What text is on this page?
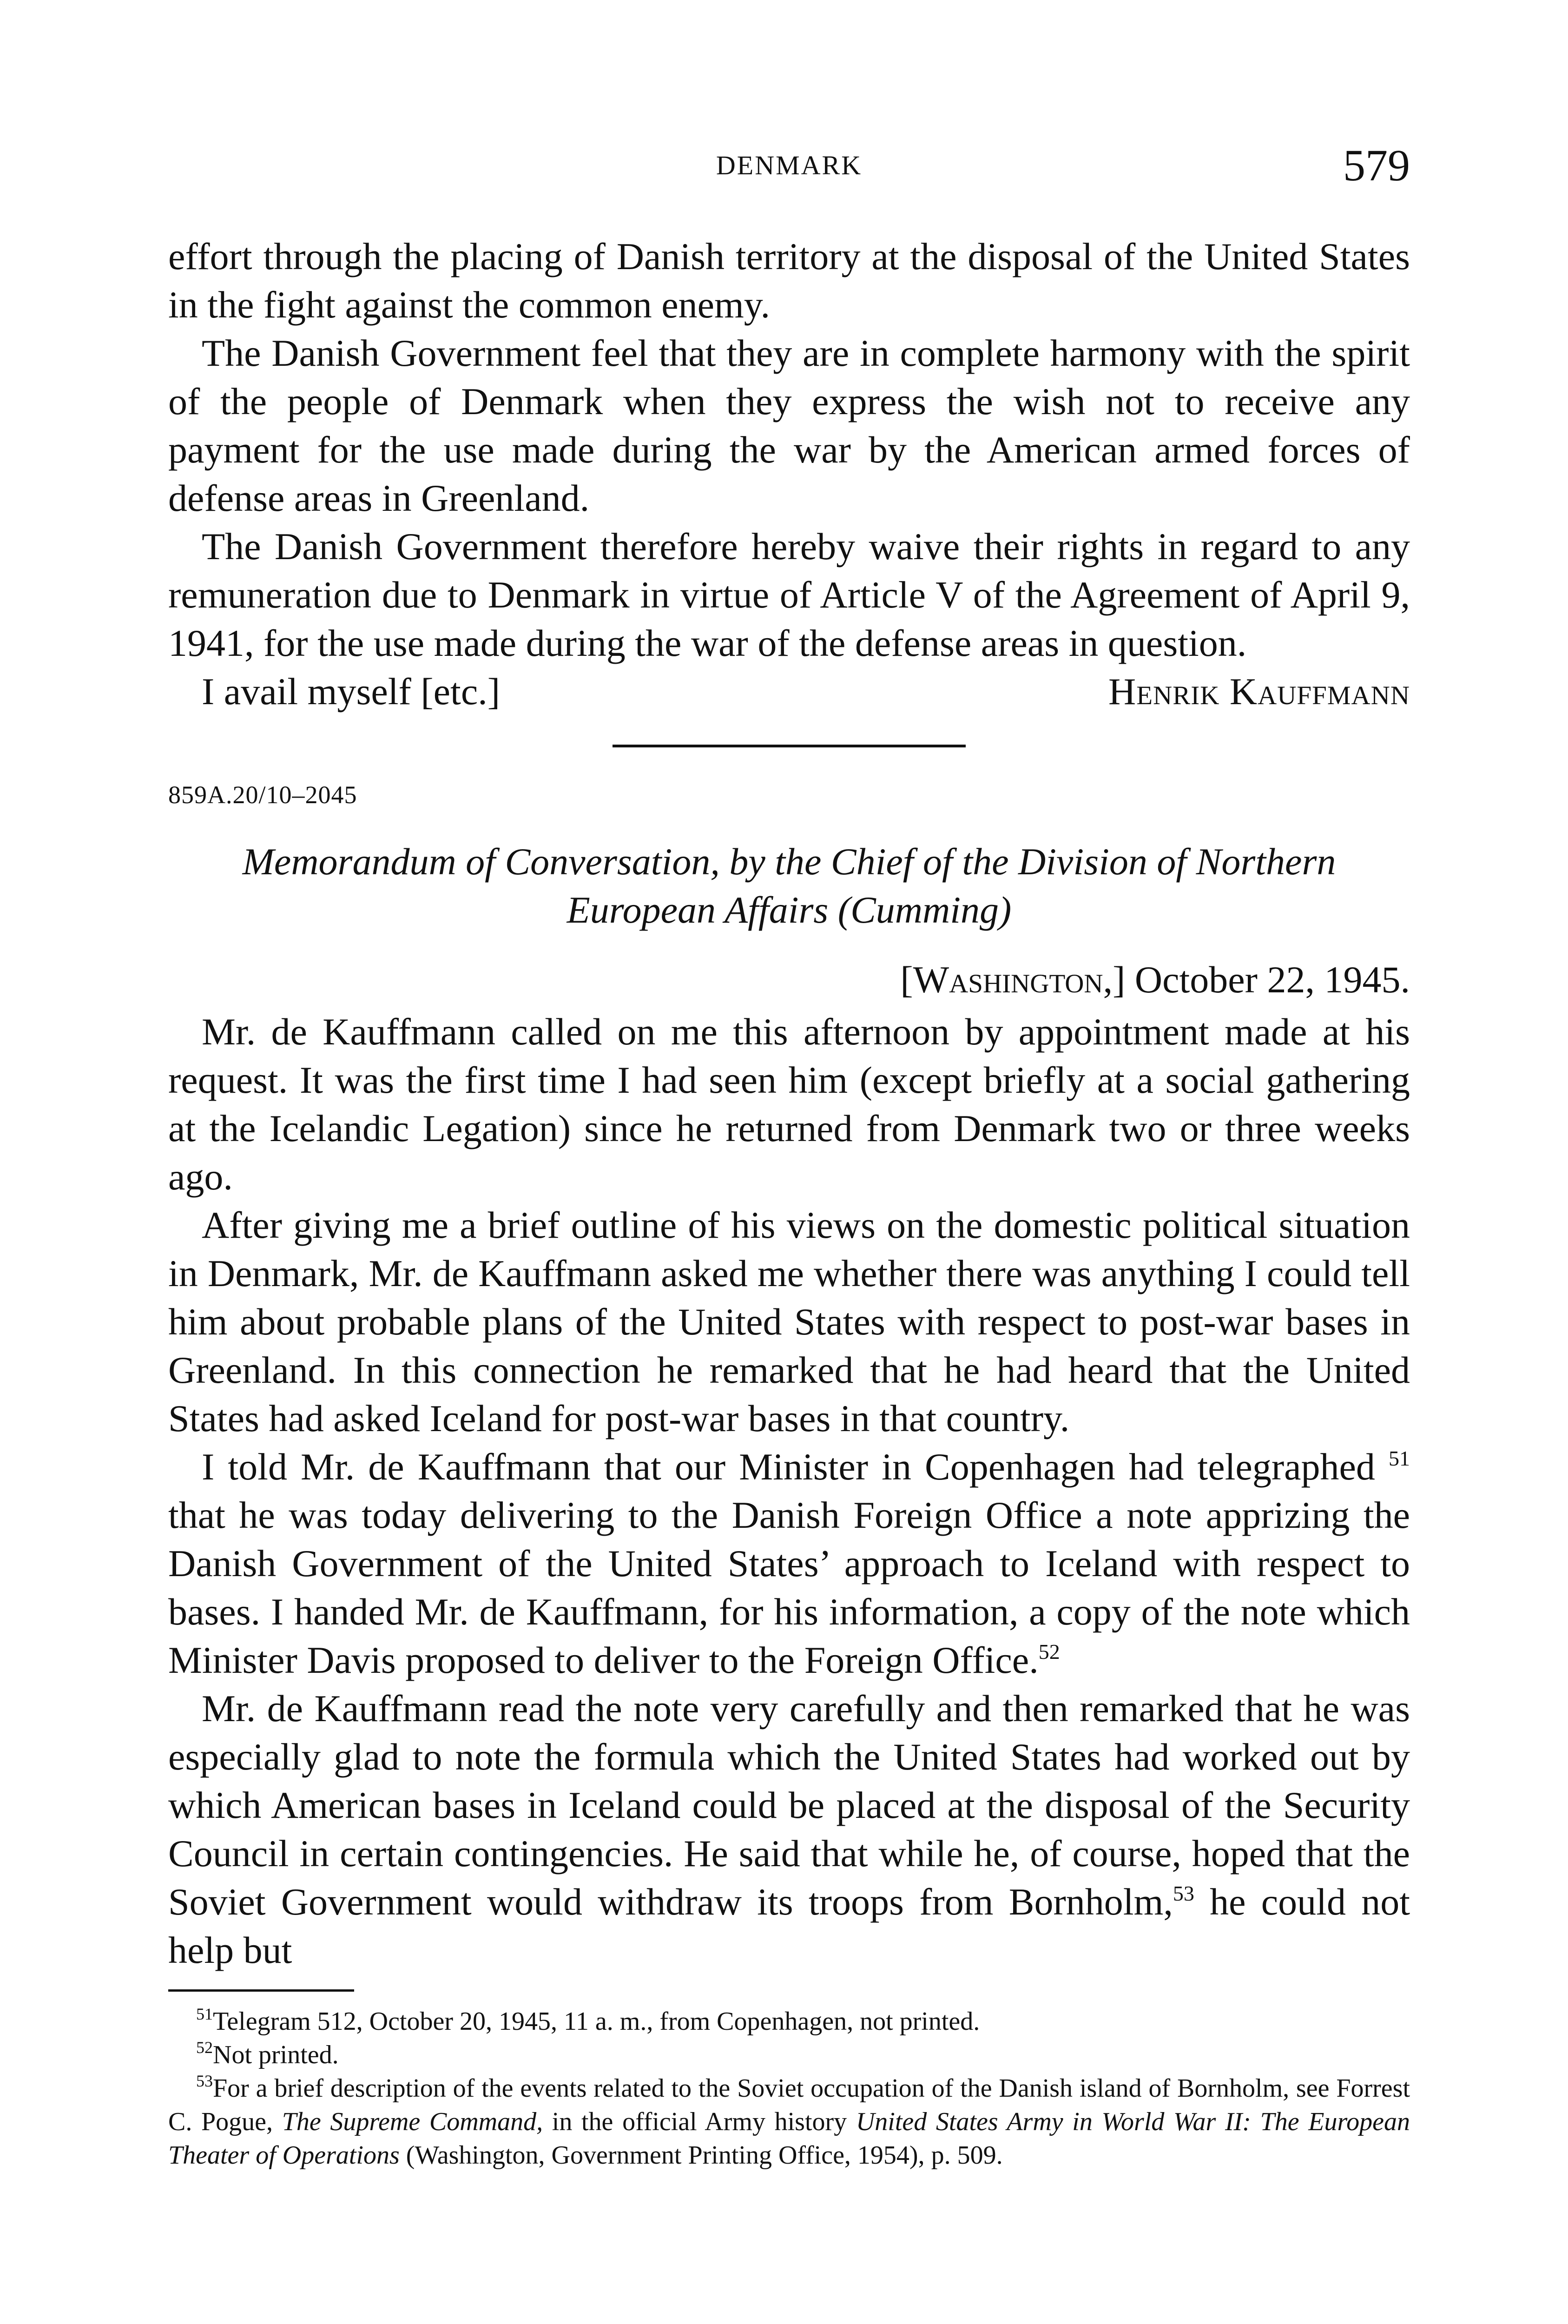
DENMARK	579

effort through the placing of Danish territory at the disposal of the United States in the fight against the common enemy.

The Danish Government feel that they are in complete harmony with the spirit of the people of Denmark when they express the wish not to receive any payment for the use made during the war by the American armed forces of defense areas in Greenland.

The Danish Government therefore hereby waive their rights in regard to any remuneration due to Denmark in virtue of Article V of the Agreement of April 9, 1941, for the use made during the war of the defense areas in question.

I avail myself [etc.]	Henrik Kauffmann

859A.20/10–2045

Memorandum of Conversation, by the Chief of the Division of Northern European Affairs (Cumming)

[Washington,] October 22, 1945.

Mr. de Kauffmann called on me this afternoon by appointment made at his request. It was the first time I had seen him (except briefly at a social gathering at the Icelandic Legation) since he returned from Denmark two or three weeks ago.

After giving me a brief outline of his views on the domestic political situation in Denmark, Mr. de Kauffmann asked me whether there was anything I could tell him about probable plans of the United States with respect to post-war bases in Greenland. In this connection he remarked that he had heard that the United States had asked Iceland for post-war bases in that country.

I told Mr. de Kauffmann that our Minister in Copenhagen had telegraphed $^{51}$ that he was today delivering to the Danish Foreign Office a note apprizing the Danish Government of the United States’ approach to Iceland with respect to bases. I handed Mr. de Kauffmann, for his information, a copy of the note which Minister Davis proposed to deliver to the Foreign Office.$^{52}$

Mr. de Kauffmann read the note very carefully and then remarked that he was especially glad to note the formula which the United States had worked out by which American bases in Iceland could be placed at the disposal of the Security Council in certain contingencies. He said that while he, of course, hoped that the Soviet Government would withdraw its troops from Bornholm,$^{53}$ he could not help but

$^{51}$Telegram 512, October 20, 1945, 11 a. m., from Copenhagen, not printed.

$^{52}$Not printed.

$^{53}$For a brief description of the events related to the Soviet occupation of the Danish island of Bornholm, see Forrest C. Pogue, The Supreme Command, in the official Army history United States Army in World War II: The European Theater of Operations (Washington, Government Printing Office, 1954), p. 509.
